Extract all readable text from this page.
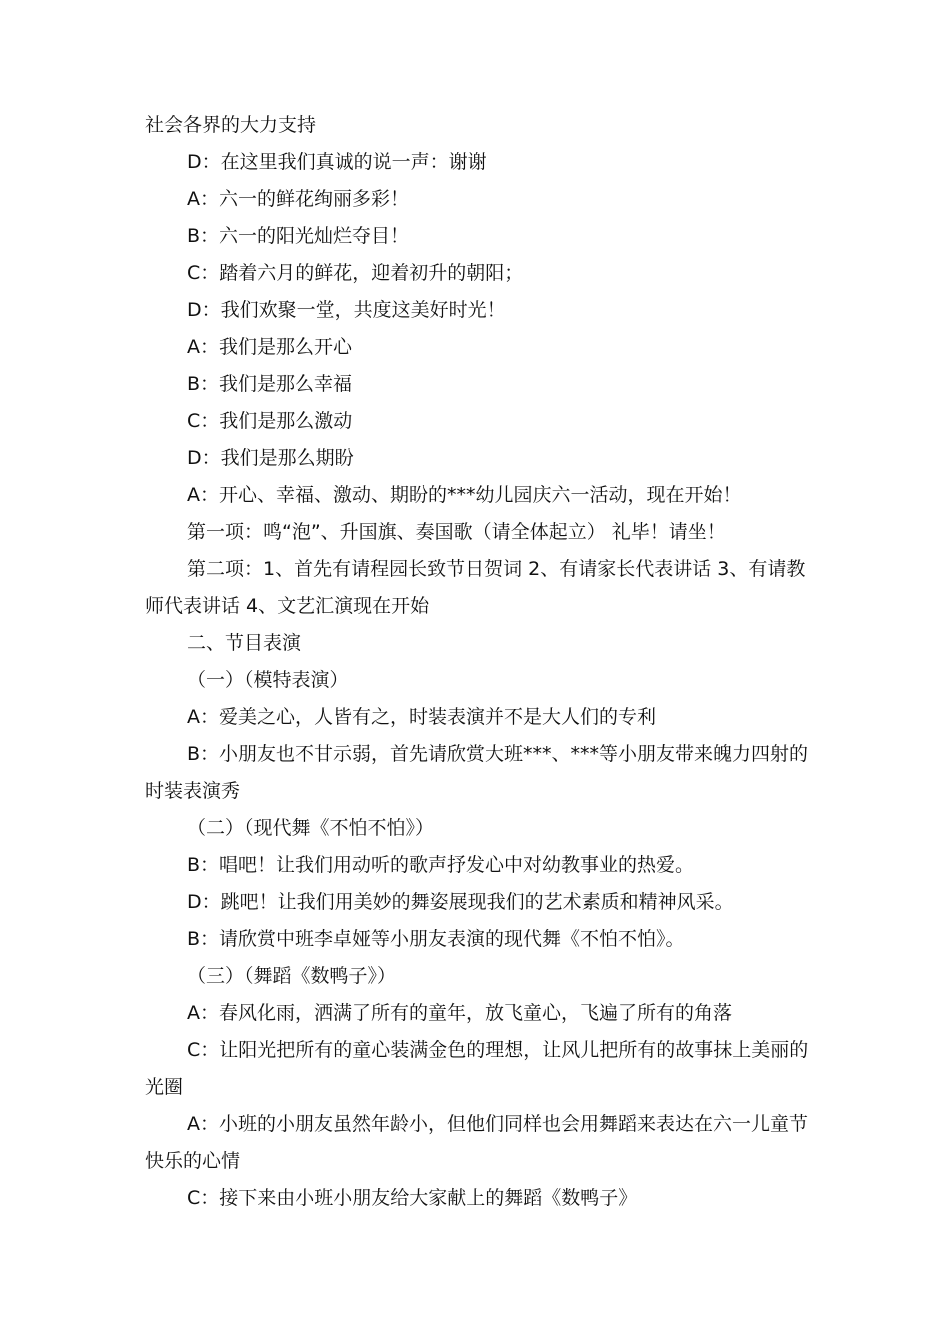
社会各界的大力支持

D：在这里我们真诚的说一声：谢谢

A：六一的鲜花绚丽多彩！

B：六一的阳光灿烂夺目！

C：踏着六月的鲜花，迎着初升的朝阳；

D：我们欢聚一堂，共度这美好时光！

A：我们是那么开心

B：我们是那么幸福

C：我们是那么激动

D：我们是那么期盼

A：开心、幸福、激动、期盼的***幼儿园庆六一活动，现在开始！

第一项：鸣“泡”、升国旗、奏国歌（请全体起立） 礼毕！请坐！

第二项：1、首先有请程园长致节日贺词 2、有请家长代表讲话 3、有请教师代表讲话 4、文艺汇演现在开始

二、节目表演

（一）（模特表演）

A：爱美之心，人皆有之，时装表演并不是大人们的专利

B：小朋友也不甘示弱，首先请欣赏大班***、***等小朋友带来魄力四射的时装表演秀

（二）（现代舞《不怕不怕》）

B：唱吧！让我们用动听的歌声抒发心中对幼教事业的热爱。

D：跳吧！让我们用美妙的舞姿展现我们的艺术素质和精神风采。

B：请欣赏中班李卓娅等小朋友表演的现代舞《不怕不怕》。

（三）（舞蹈《数鸭子》）

A：春风化雨，洒满了所有的童年，放飞童心，飞遍了所有的角落

C：让阳光把所有的童心装满金色的理想，让风儿把所有的故事抹上美丽的光圈

A：小班的小朋友虽然年龄小，但他们同样也会用舞蹈来表达在六一儿童节快乐的心情

C：接下来由小班小朋友给大家献上的舞蹈《数鸭子》
